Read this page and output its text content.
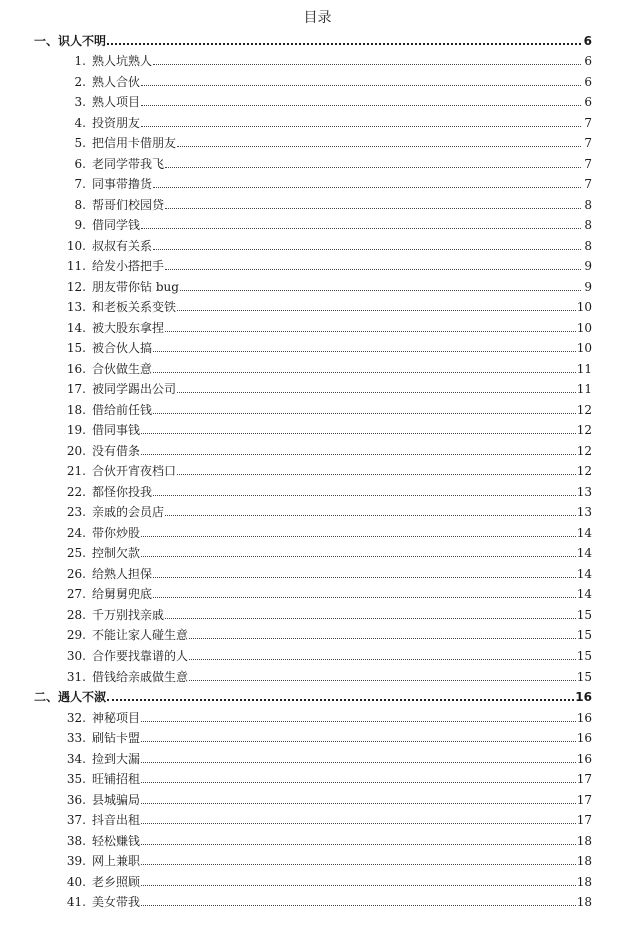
目录
一、识人不明	6
1. 熟人坑熟人	6
2. 熟人合伙	6
3. 熟人项目	6
4. 投资朋友	7
5. 把信用卡借朋友	7
6. 老同学带我飞	7
7. 同事带撸货	7
8. 帮哥们校园贷	8
9. 借同学钱	8
10. 叔叔有关系	8
11. 给发小搭把手	9
12. 朋友带你钻 bug	9
13. 和老板关系变铁	10
14. 被大股东拿捏	10
15. 被合伙人搞	10
16. 合伙做生意	11
17. 被同学踢出公司	11
18. 借给前任钱	12
19. 借同事钱	12
20. 没有借条	12
21. 合伙开宵夜档口	12
22. 都怪你投我	13
23. 亲戚的会员店	13
24. 带你炒股	14
25. 控制欠款	14
26. 给熟人担保	14
27. 给舅舅兜底	14
28. 千万别找亲戚	15
29. 不能让家人碰生意	15
30. 合作要找靠谱的人	15
31. 借钱给亲戚做生意	15
二、遇人不淑	16
32. 神秘项目	16
33. 刷钻卡盟	16
34. 捡到大漏	16
35. 旺铺招租	17
36. 县城骗局	17
37. 抖音出租	17
38. 轻松赚钱	18
39. 网上兼职	18
40. 老乡照顾	18
41. 美女带我	18
